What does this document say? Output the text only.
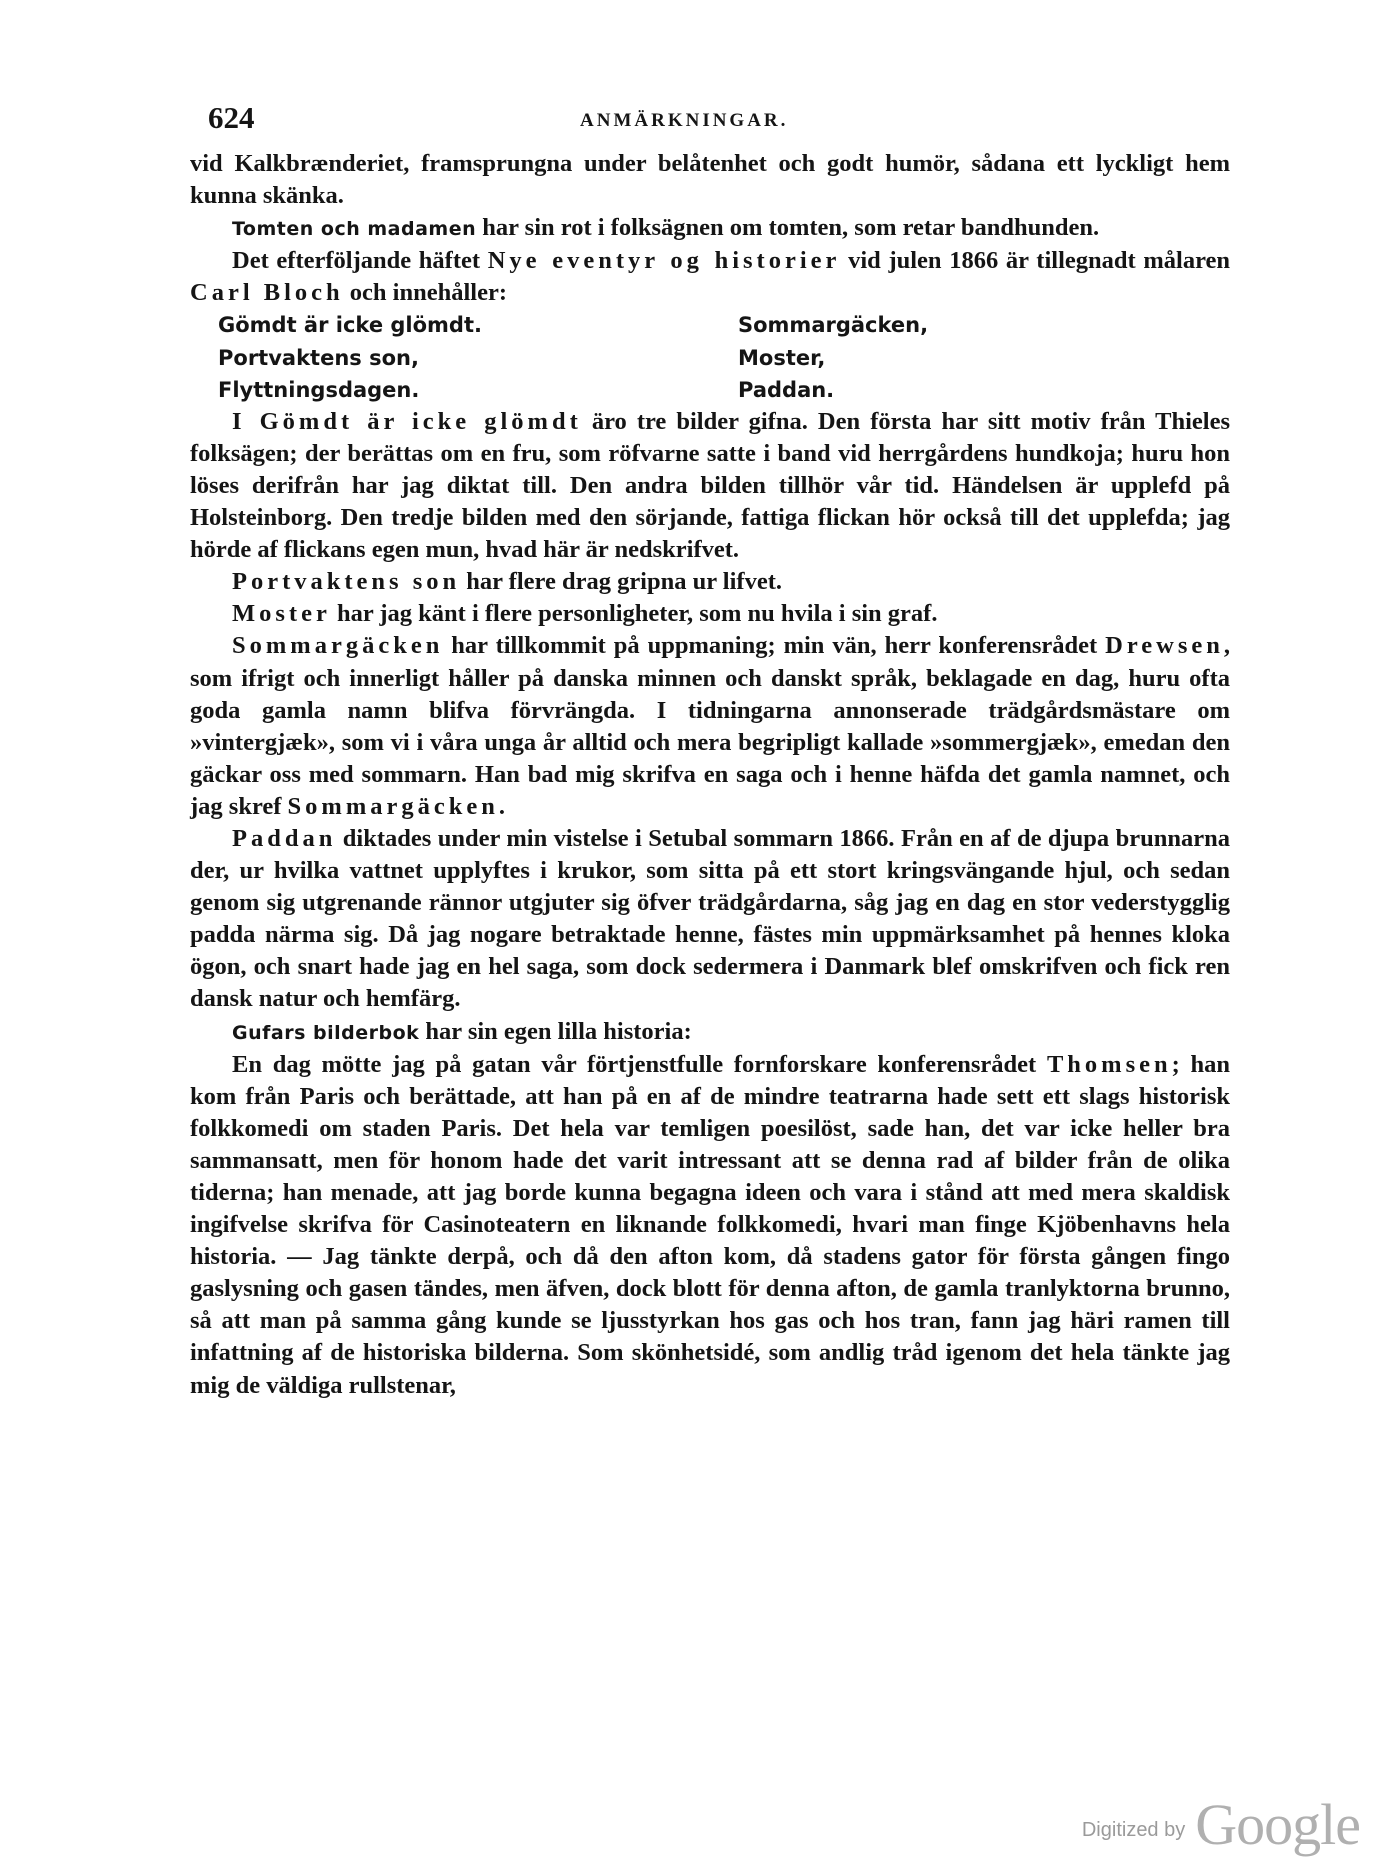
624	ANMÄRKNINGAR.

vid Kalkbrænderiet, framsprungna under belåtenhet och godt humör, sådana ett lyckligt hem kunna skänka.

Tomten och madamen har sin rot i folksägnen om tomten, som retar bandhunden.

Det efterföljande häftet Nye eventyr og historier vid julen 1866 är tillegnadt målaren Carl Bloch och innehåller:

Gömdt är icke glömdt.	Sommargäcken,
Portvaktens son,	Moster,
Flyttningsdagen.	Paddan.

I Gömdt är icke glömdt äro tre bilder gifna. Den första har sitt motiv från Thieles folksägen; der berättas om en fru, som röfvarne satte i band vid herrgårdens hundkoja; huru hon löses derifrån har jag diktat till. Den andra bilden tillhör vår tid. Händelsen är upplefd på Holsteinborg. Den tredje bilden med den sörjande, fattiga flickan hör också till det upplefda; jag hörde af flickans egen mun, hvad här är nedskrifvet.

Portvaktens son har flere drag gripna ur lifvet.

Moster har jag känt i flere personligheter, som nu hvila i sin graf.

Sommargäcken har tillkommit på uppmaning; min vän, herr konferensrådet Drewsen, som ifrigt och innerligt håller på danska minnen och danskt språk, beklagade en dag, huru ofta goda gamla namn blifva förvrängda. I tidningarna annonserade trädgårdsmästare om »vintergjæk», som vi i våra unga år alltid och mera begripligt kallade »sommergjæk», emedan den gäckar oss med sommarn. Han bad mig skrifva en saga och i henne häfda det gamla namnet, och jag skref Sommargäcken.

Paddan diktades under min vistelse i Setubal sommarn 1866. Från en af de djupa brunnarna der, ur hvilka vattnet upplyftes i krukor, som sitta på ett stort kringsvängande hjul, och sedan genom sig utgrenande rännor utgjuter sig öfver trädgårdarna, såg jag en dag en stor vederstygglig padda närma sig. Då jag nogare betraktade henne, fästes min uppmärksamhet på hennes kloka ögon, och snart hade jag en hel saga, som dock sedermera i Danmark blef omskrifven och fick ren dansk natur och hemfärg.

Gufars bilderbok har sin egen lilla historia:

En dag mötte jag på gatan vår förtjenstfulle fornforskare konferensrådet Thomsen; han kom från Paris och berättade, att han på en af de mindre teatrarna hade sett ett slags historisk folkkomedi om staden Paris. Det hela var temligen poesilöst, sade han, det var icke heller bra sammansatt, men för honom hade det varit intressant att se denna rad af bilder från de olika tiderna; han menade, att jag borde kunna begagna ideen och vara i stånd att med mera skaldisk ingifvelse skrifva för Casinoteatern en liknande folkkomedi, hvari man finge Kjöbenhavns hela historia. — Jag tänkte derpå, och då den afton kom, då stadens gator för första gången fingo gaslysning och gasen tändes, men äfven, dock blott för denna afton, de gamla tranlyktorna brunno, så att man på samma gång kunde se ljusstyrkan hos gas och hos tran, fann jag häri ramen till infattning af de historiska bilderna. Som skönhetsidé, som andlig tråd igenom det hela tänkte jag mig de väldiga rullstenar,

Digitized by Google
